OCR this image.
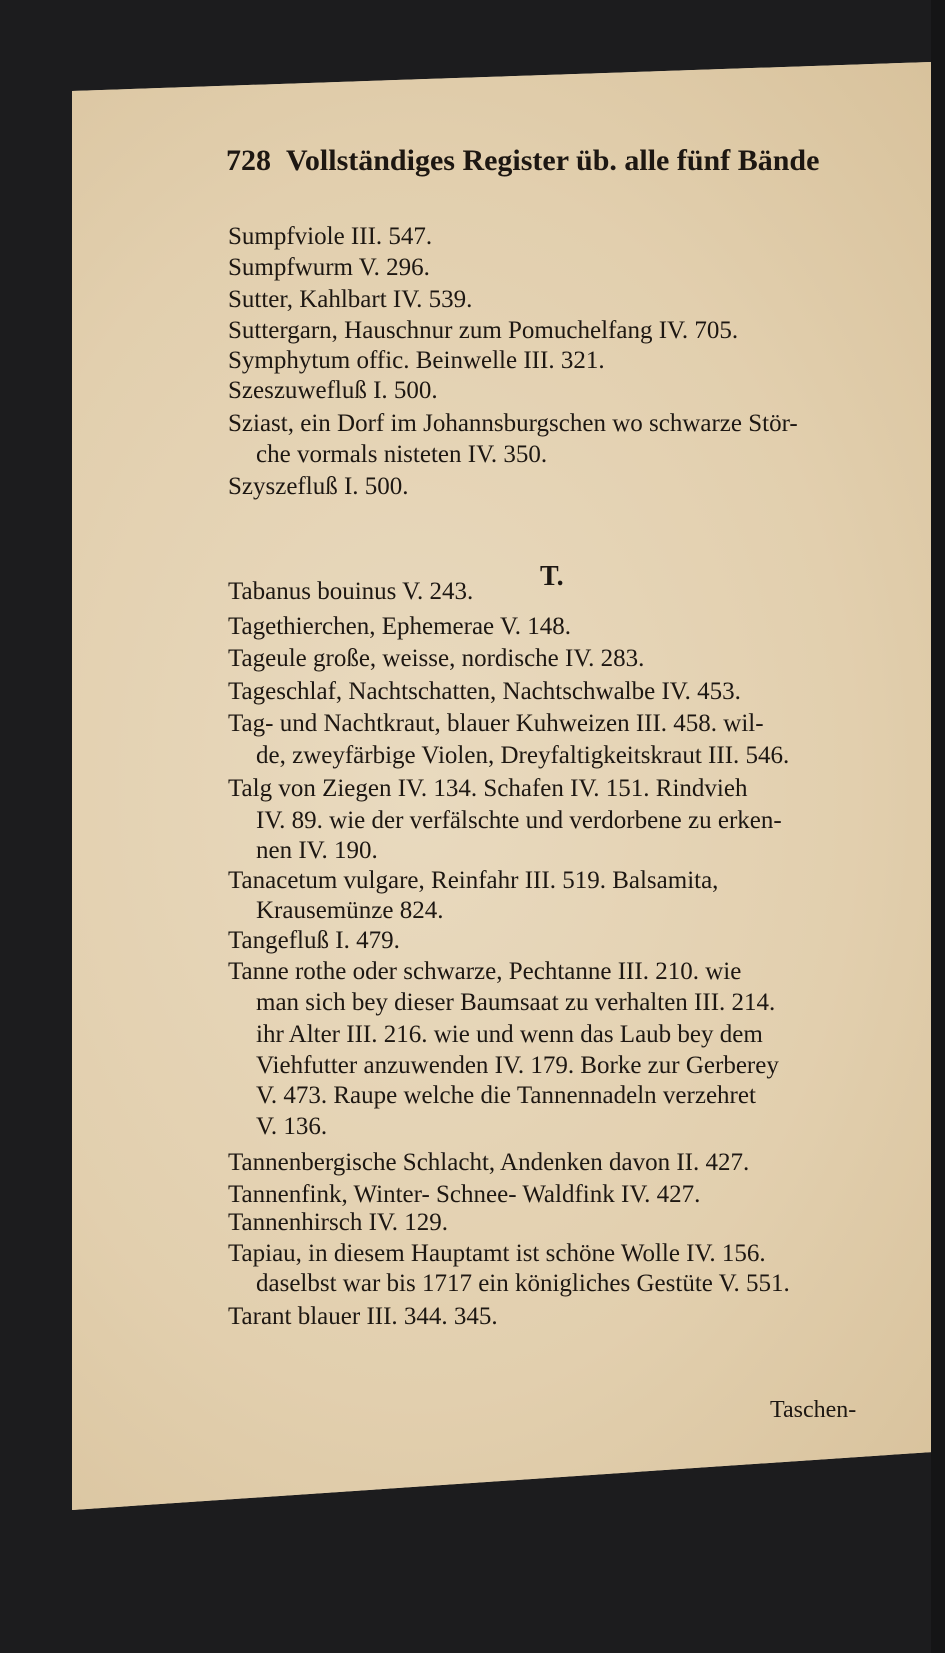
728 Vollständiges Register üb. alle fünf Bände
Sumpfviole III. 547.
Sumpfwurm V. 296.
Sutter, Kahlbart IV. 539.
Suttergarn, Hauschnur zum Pomuchelfang IV. 705.
Symphytum offic. Beinwelle III. 321.
Szeszuwefluß I. 500.
Sziast, ein Dorf im Johannsburgschen wo schwarze Stör-
che vormals nisteten IV. 350.
Szyszefluß I. 500.
T.
Tabanus bouinus V. 243.
Tagethierchen, Ephemerae V. 148.
Tageule große, weisse, nordische IV. 283.
Tageschlaf, Nachtschatten, Nachtschwalbe IV. 453.
Tag- und Nachtkraut, blauer Kuhweizen III. 458. wil-
de, zweyfärbige Violen, Dreyfaltigkeitskraut III. 546.
Talg von Ziegen IV. 134. Schafen IV. 151. Rindvieh
IV. 89. wie der verfälschte und verdorbene zu erken-
nen IV. 190.
Tanacetum vulgare, Reinfahr III. 519. Balsamita,
Krausemünze 824.
Tangefluß I. 479.
Tanne rothe oder schwarze, Pechtanne III. 210. wie
man sich bey dieser Baumsaat zu verhalten III. 214.
ihr Alter III. 216. wie und wenn das Laub bey dem
Viehfutter anzuwenden IV. 179. Borke zur Gerberey
V. 473. Raupe welche die Tannennadeln verzehret
V. 136.
Tannenbergische Schlacht, Andenken davon II. 427.
Tannenfink, Winter- Schnee- Waldfink IV. 427.
Tannenhirsch IV. 129.
Tapiau, in diesem Hauptamt ist schöne Wolle IV. 156.
daselbst war bis 1717 ein königliches Gestüte V. 551.
Tarant blauer III. 344. 345.
Taschen-
